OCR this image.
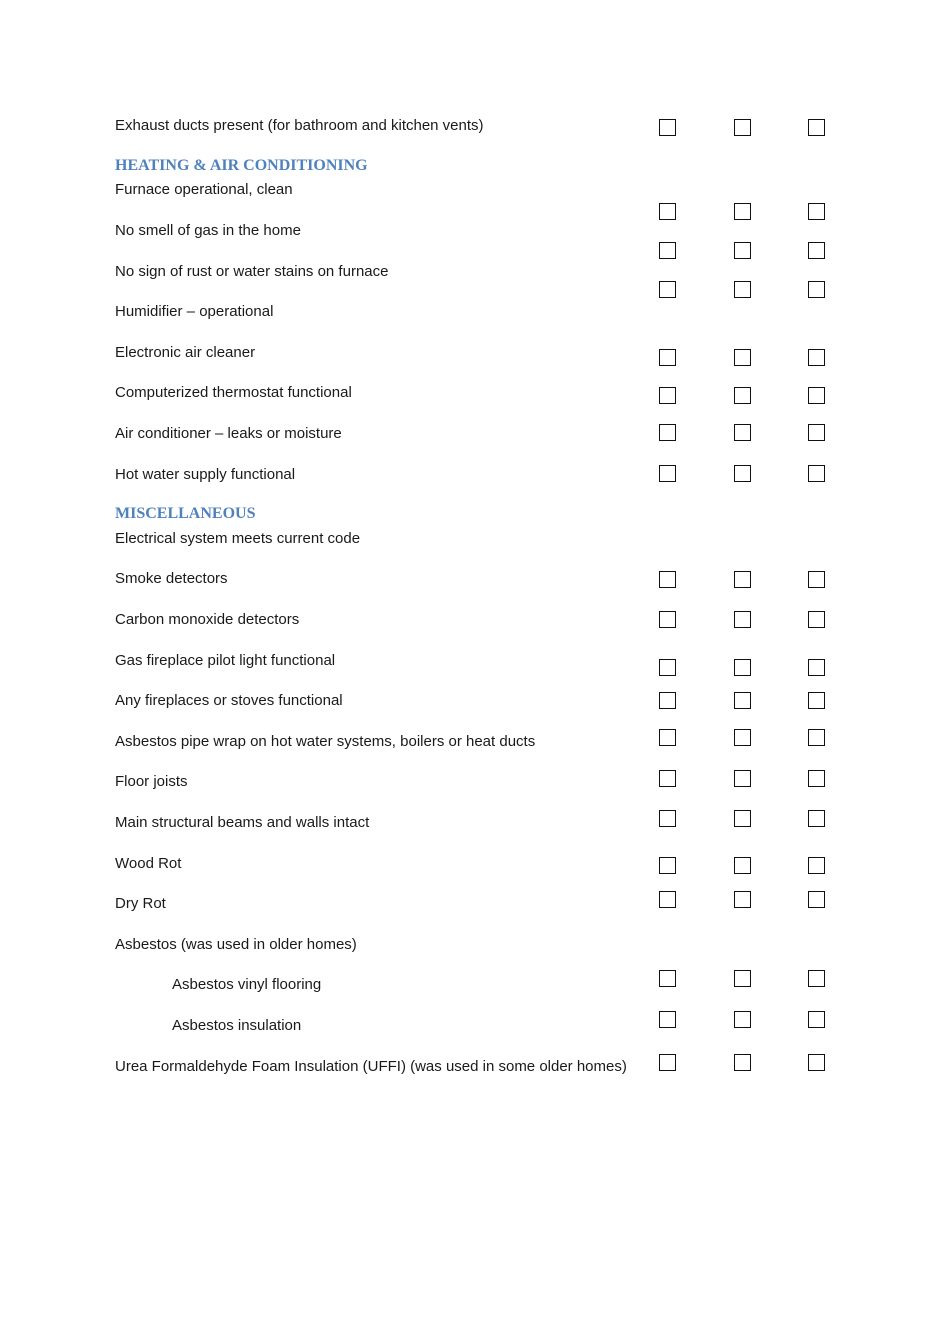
Exhaust ducts present (for bathroom and kitchen vents)
HEATING & AIR CONDITIONING
Furnace operational, clean
No smell of gas in the home
No sign of rust or water stains on furnace
Humidifier – operational
Electronic air cleaner
Computerized thermostat functional
Air conditioner – leaks or moisture
Hot water supply functional
MISCELLANEOUS
Electrical system meets current code
Smoke detectors
Carbon monoxide detectors
Gas fireplace pilot light functional
Any fireplaces or stoves functional
Asbestos pipe wrap on hot water systems, boilers or heat ducts
Floor joists
Main structural beams and walls intact
Wood Rot
Dry Rot
Asbestos (was used in older homes)
Asbestos vinyl flooring
Asbestos insulation
Urea Formaldehyde Foam Insulation (UFFI) (was used in some older homes)
